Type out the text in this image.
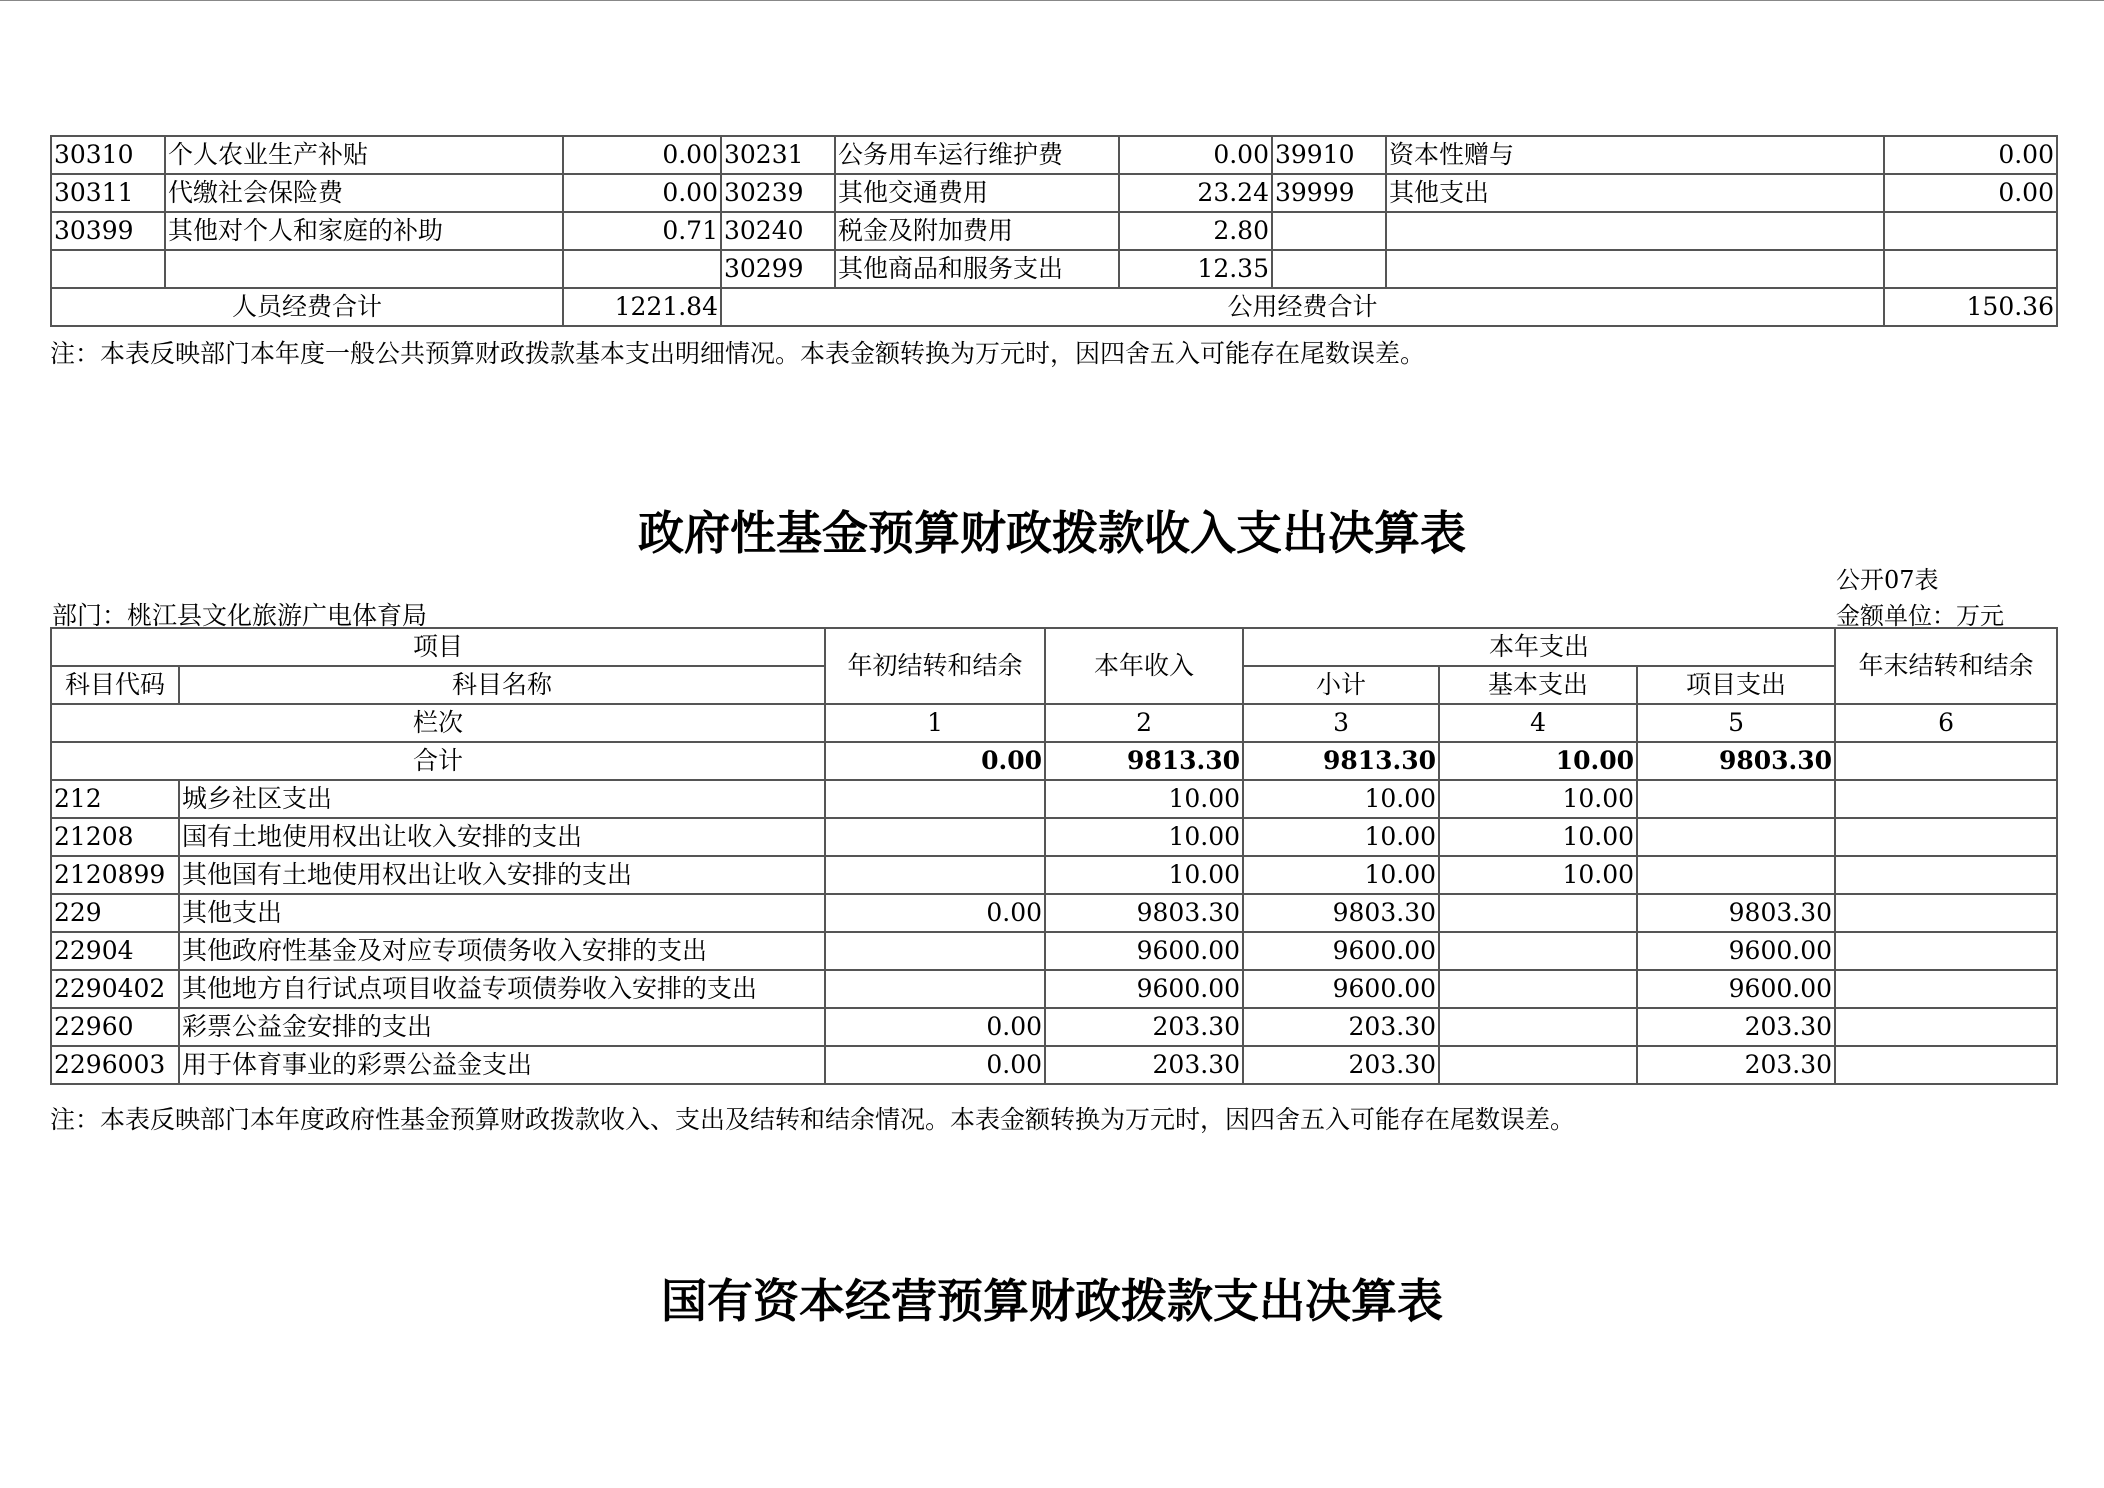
30310	个人农业生产补贴	0.00	30231	公务用车运行维护费	0.00	39910	资本性赠与	0.00
30311	代缴社会保险费	0.00	30239	其他交通费用	23.24	39999	其他支出	0.00
30399	其他对个人和家庭的补助	0.71	30240	税金及附加费用	2.80			
			30299	其他商品和服务支出	12.35			
人员经费合计		1221.84	公用经费合计					150.36
注：本表反映部门本年度一般公共预算财政拨款基本支出明细情况。本表金额转换为万元时，因四舍五入可能存在尾数误差。
政府性基金预算财政拨款收入支出决算表
公开07表
部门：桃江县文化旅游广电体育局	金额单位：万元
项目		年初结转和结余	本年收入	本年支出			年末结转和结余
科目代码	科目名称			小计	基本支出	项目支出	
栏次		1	2	3	4	5	6
合计		0.00	9813.30	9813.30	10.00	9803.30	
212	城乡社区支出		10.00	10.00	10.00		
21208	国有土地使用权出让收入安排的支出		10.00	10.00	10.00		
2120899	其他国有土地使用权出让收入安排的支出		10.00	10.00	10.00		
229	其他支出	0.00	9803.30	9803.30		9803.30	
22904	其他政府性基金及对应专项债务收入安排的支出		9600.00	9600.00		9600.00	
2290402	其他地方自行试点项目收益专项债券收入安排的支出		9600.00	9600.00		9600.00	
22960	彩票公益金安排的支出	0.00	203.30	203.30		203.30	
2296003	用于体育事业的彩票公益金支出	0.00	203.30	203.30		203.30	
注：本表反映部门本年度政府性基金预算财政拨款收入、支出及结转和结余情况。本表金额转换为万元时，因四舍五入可能存在尾数误差。
国有资本经营预算财政拨款支出决算表
